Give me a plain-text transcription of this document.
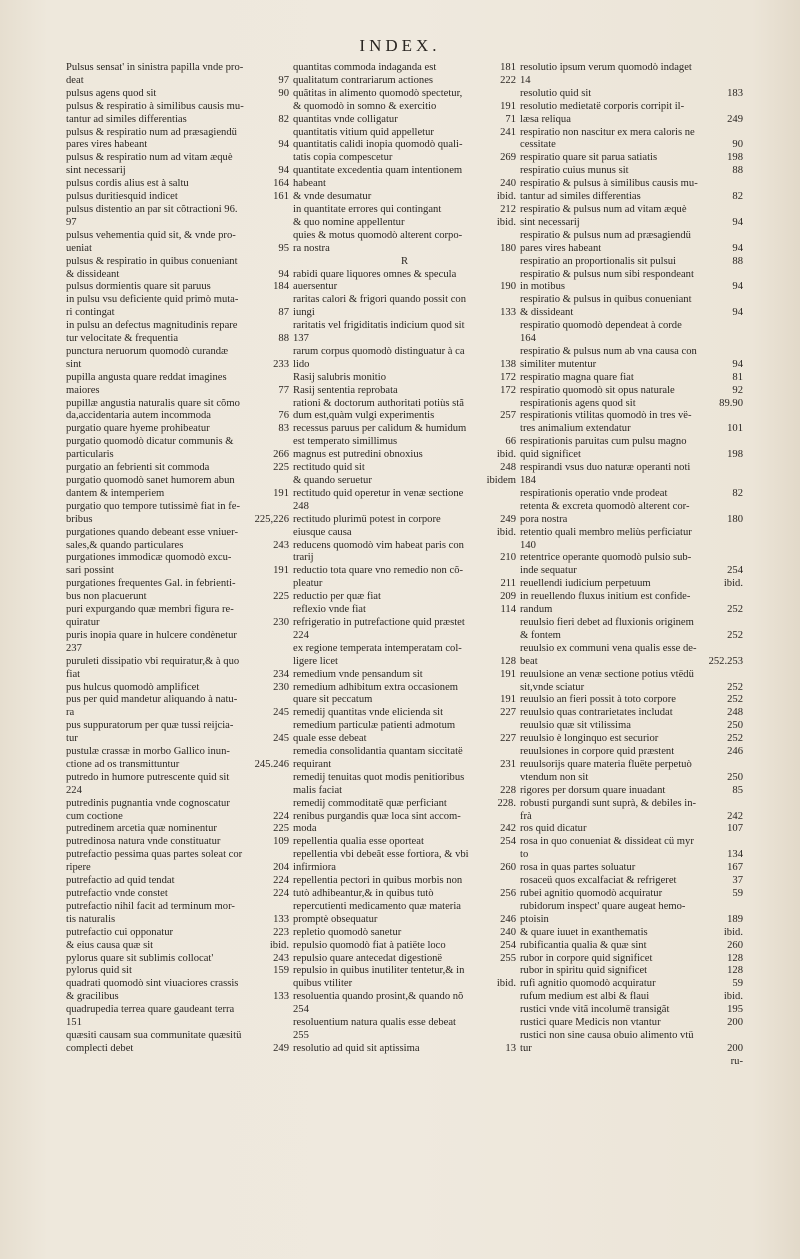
INDEX.
Pulsus sensat' in sinistra papilla vnde pro-
deat	97
pulsus agens quod sit	90
pulsus & respiratio à similibus causis mu-
tantur ad similes differentias	82
pulsus & respiratio num ad præsagiendü
pares vires habeant	94
pulsus & respiratio num ad vitam æquè
sint necessarij	94
pulsus cordis alius est à saltu	164
pulsus duritiesquid indicet	161
pulsus distentio an par sit cõtractioni 96.
97
pulsus vehementia quid sit, & vnde pro-
ueniat	95
pulsus & respiratio in quibus conueniant
& dissideant	94
pulsus dormientis quare sit paruus	184
in pulsu vsu deficiente quid primò muta-
ri contingat	87
in pulsu an defectus magnitudinis repare
tur velocitate & frequentia	88
punctura neruorum quomodò curandæ
sint	233
pupilla angusta quare reddat imagines
maiores	77
pupillæ angustia naturalis quare sit cõmo
da,accidentaria autem incommoda	76
purgatio quare hyeme prohibeatur	83
purgatio quomodò dicatur communis &
particularis	266
purgatio an febrienti sit commoda	225
purgatio quomodò sanet humorem abun
dantem & intemperiem	191
purgatio quo tempore tutissimè fiat in fe-
bribus	225,226
purgationes quando debeant esse vniuer-
sales,& quando particulares	243
purgationes immodicæ quomodò excu-
sari possint	191
purgationes frequentes Gal. in febrienti-
bus non placuerunt	225
puri expurgando quæ membri figura re-
quiratur	230
puris inopia quare in hulcere condènetur
237
puruleti dissipatio vbi requiratur,& à quo
fiat	234
pus hulcus quomodò amplificet	230
pus per quid mandetur aliquando à natu-
ra	245
pus suppuratorum per quæ tussi reijcia-
tur	245
pustulæ crassæ in morbo Gallico inun-
ctione ad os transmittuntur	245.246
putredo in humore putrescente quid sit
224
putredinis pugnantia vnde cognoscatur
cum coctione	224
putredinem arcetia quæ nominentur	225
putredinosa natura vnde constituatur	109
putrefactio pessima quas partes soleat cor
ripere	204
putrefactio ad quid tendat	224
putrefactio vnde constet	224
putrefactio nihil facit ad terminum mor-
tis naturalis	133
putrefactio cui opponatur	223
& eius causa quæ sit	ibid.
pylorus quare sit sublimis collocat'	243
pylorus quid sit	159
quadrati quomodò sint viuaciores crassis
& gracilibus	133
quadrupedia terrea quare gaudeant terra
151
quæsiti causam sua communitate quæsitü
complecti debet	249
quantitas commoda indaganda est	181
qualitatum contrariarum actiones	222
quãtitas in alimento quomodò spectetur,
& quomodò in somno & exercitio	191
quantitas vnde colligatur	71
quantitatis vitium quid appelletur	241
quantitatis calidi inopia quomodò quali-
tatis copia compescetur	269
quantitate excedentia quam intentionem
habeant	240
& vnde desumatur	ibid.
in quantitate errores qui contingant	212
& quo nomine appellentur	ibid.
quies & motus quomodò alterent corpo-
ra nostra	180
R
rabidi quare liquores omnes & specula
auersentur	190
raritas calori & frigori quando possit con
iungi	133
raritatis vel frigiditatis indicium quod sit
137
rarum corpus quomodò distinguatur à ca
lido	138
Rasij salubris monitio	172
Rasij sententia reprobata	172
rationi & doctorum authoritati potiùs stã
dum est,quàm vulgi experimentis	257
recessus paruus per calidum & humidum
est temperato simillimus	66
magnus est putredini obnoxius	ibid.
rectitudo quid sit	248
& quando seruetur	ibidem
rectitudo quid operetur in venæ sectione
248
rectitudo plurimü potest in corpore	249
eiusque causa	ibid.
reducens quomodò vim habeat paris con
trarij	210
reductio tota quare vno remedio non cõ-
pleatur	211
reductio per quæ fiat	209
reflexio vnde fiat	114
refrigeratio in putrefactione quid præstet
224
ex regione temperata intemperatam col-
ligere licet	128
remedium vnde pensandum sit	191
remedium adhibitum extra occasionem
quare sit peccatum	191
remedij quantitas vnde elicienda sit	227
remedium particulæ patienti admotum
quale esse debeat	227
remedia consolidantia quantam siccitatë
requirant	231
remedij tenuitas quot modis penitioribus
malis faciat	228
remedij commoditatë quæ perficiant	228.
renibus purgandis quæ loca sint accom-
moda	242
repellentia qualia esse oporteat	254
repellentia vbi debeãt esse fortiora, & vbi
infirmiora	260
repellentia pectori in quibus morbis non
tutò adhibeantur,& in quibus tutò	256
repercutienti medicamento quæ materia
promptè obsequatur	246
repletio quomodò sanetur	240
repulsio quomodò fiat à patiëte loco	254
repulsio quare antecedat digestionë	255
repulsio in quibus inutiliter tentetur,& in
quibus vtiliter	ibid.
resoluentia quando prosint,& quando nõ
254
resoluentium natura qualis esse debeat
255
resolutio ad quid sit aptissima	13
resolutio ipsum verum quomodò indaget
14
resolutio quid sit	183
resolutio medietatë corporis corripit il-
læsa reliqua	249
respiratio non nascitur ex mera caloris ne
cessitate	90
respiratio quare sit parua satiatis	198
respiratio cuius munus sit	88
respiratio & pulsus à similibus causis mu-
tantur ad similes differentias	82
respiratio & pulsus num ad vitam æquè
sint necessarij	94
respiratio & pulsus num ad præsagiendü
pares vires habeant	94
respiratio an proportionalis sit pulsui	88
respiratio & pulsus num sibi respondeant
in motibus	94
respiratio & pulsus in quibus conueniant
& dissideant	94
respiratio quomodò dependeat à corde
164
respiratio & pulsus num ab vna causa con
similiter mutentur	94
respiratio magna quare fiat	81
respiratio quomodò sit opus naturale	92
respirationis agens quod sit	89.90
respirationis vtilitas quomodò in tres vë-
tres animalium extendatur	101
respirationis paruitas cum pulsu magno
quid significet	198
respirandi vsus duo naturæ operanti noti
184
respirationis operatio vnde prodeat	82
retenta & excreta quomodò alterent cor-
pora nostra	180
retentio quali membro meliùs perficiatur
140
retentrice operante quomodò pulsio sub-
inde sequatur	254
reuellendi iudicium perpetuum	ibid.
in reuellendo fluxus initium est confide-
randum	252
reuulsio fieri debet ad fluxionis originem
& fontem	252
reuulsio ex communi vena qualis esse de-
beat	252.253
reuulsione an venæ sectione potius vtëdü
sit,vnde sciatur	252
reuulsio an fieri possit à toto corpore	252
reuulsio quas contrarietates includat	248
reuulsio quæ sit vtilissima	250
reuulsio è longinquo est securior	252
reuulsiones in corpore quid præstent	246
reuulsorijs quare materia fluëte perpetuò
vtendum non sit	250
rigores per dorsum quare inuadant	85
robusti purgandi sunt suprà, & debiles in-
frà	242
ros quid dicatur	107
rosa in quo conueniat & dissideat cü myr
to	134
rosa in quas partes soluatur	167
rosaceü quos excalfaciat & refrigeret	37
rubei agnitio quomodò acquiratur	59
rubidorum inspect' quare augeat hemo-
ptoisin	189
& quare iuuet in exanthematis	ibid.
rubificantia qualia & quæ sint	260
rubor in corpore quid significet	128
rubor in spiritu quid significet	128
rufi agnitio quomodò acquiratur	59
rufum medium est albi & flaui	ibid.
rustici vnde vitã incolumë transigãt	195
rustici quare Medicis non vtantur	200
rustici non sine causa obuio alimento vtü
tur	200
ru-
